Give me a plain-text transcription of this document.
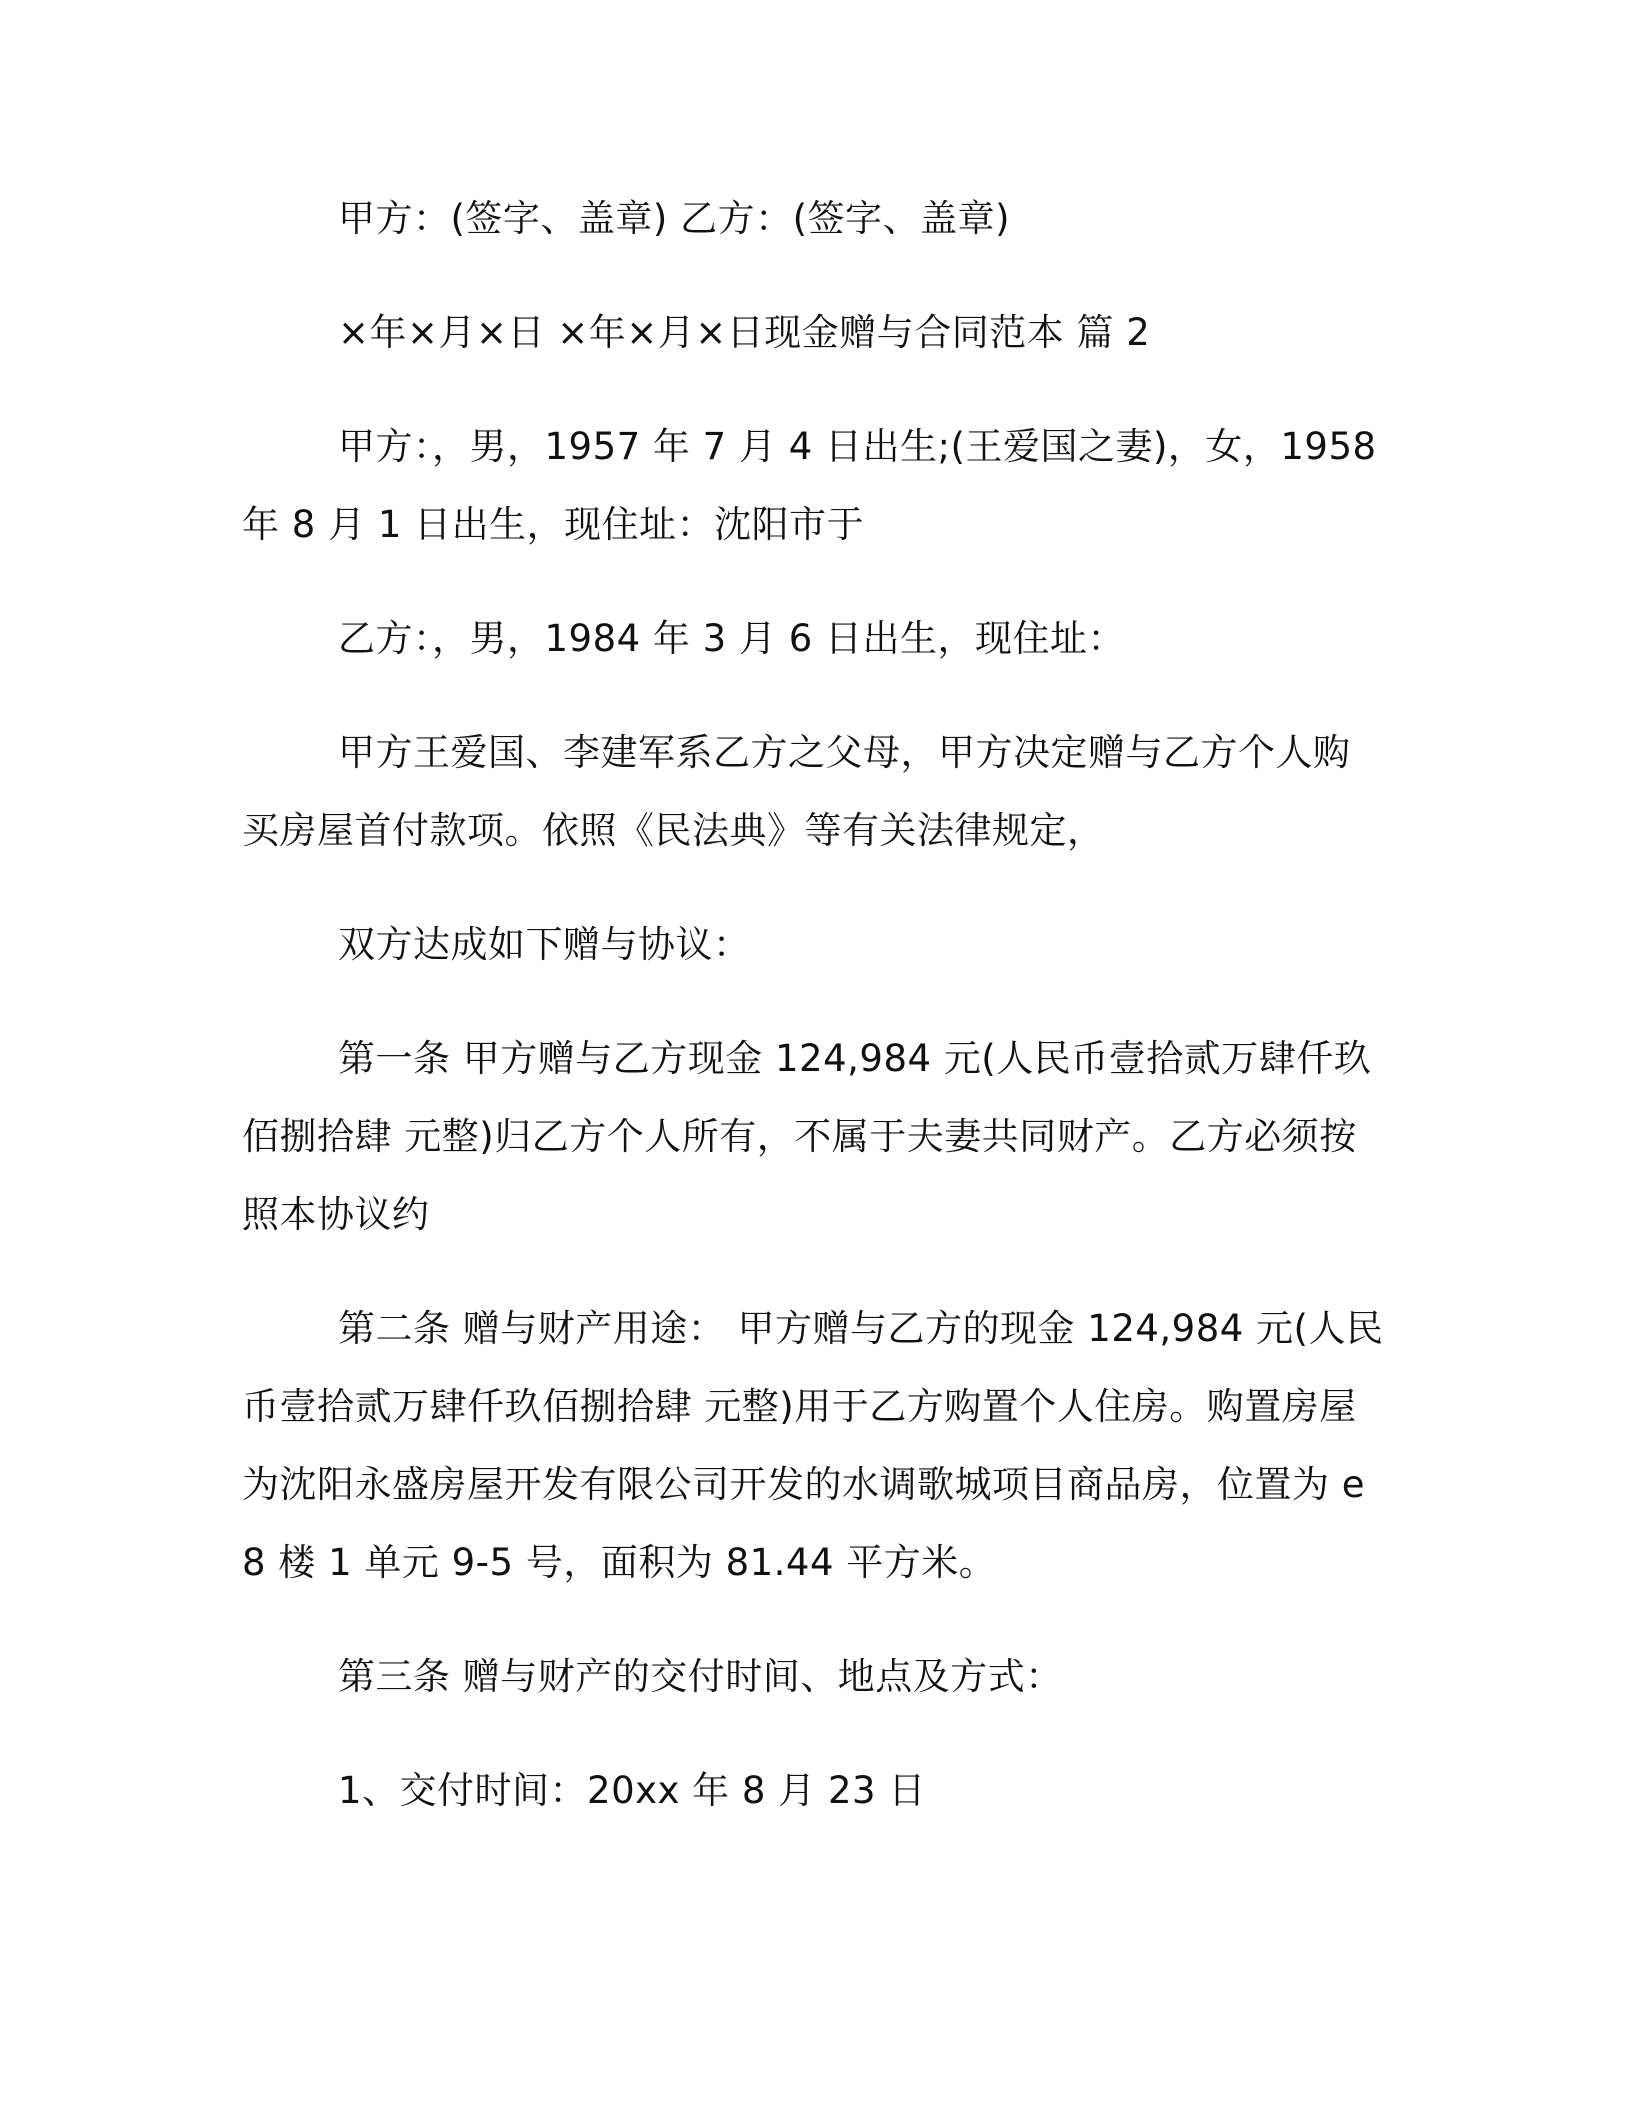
甲方：(签字、盖章) 乙方：(签字、盖章)

×年×月×日 ×年×月×日现金赠与合同范本 篇 2

甲方：，男，1957 年 7 月 4 日出生;(王爱国之妻)，女，1958 年 8 月 1 日出生，现住址：沈阳市于

乙方：，男，1984 年 3 月 6 日出生，现住址：

甲方王爱国、李建军系乙方之父母，甲方决定赠与乙方个人购买房屋首付款项。依照《民法典》等有关法律规定，

双方达成如下赠与协议：

第一条 甲方赠与乙方现金 124,984 元(人民币壹拾贰万肆仟玖佰捌拾肆 元整)归乙方个人所有，不属于夫妻共同财产。乙方必须按照本协议约

第二条 赠与财产用途： 甲方赠与乙方的现金 124,984 元(人民币壹拾贰万肆仟玖佰捌拾肆 元整)用于乙方购置个人住房。购置房屋为沈阳永盛房屋开发有限公司开发的水调歌城项目商品房，位置为 e8 楼 1 单元 9-5 号，面积为 81.44 平方米。

第三条 赠与财产的交付时间、地点及方式：

1、交付时间：20xx 年 8 月 23 日
